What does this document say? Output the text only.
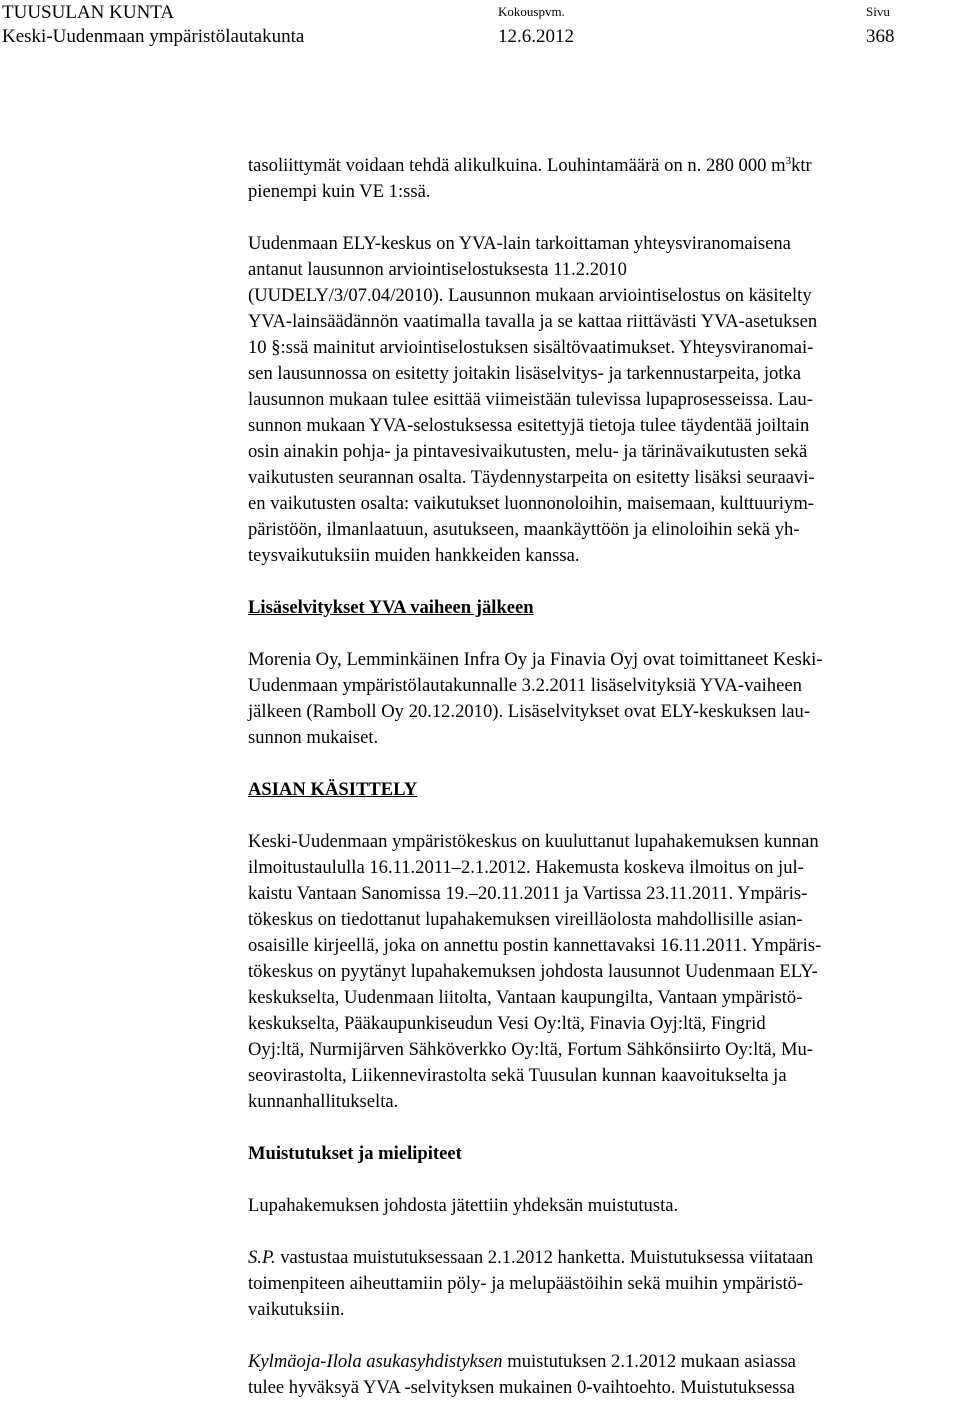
TUUSULAN KUNTA
Keski-Uudenmaan ympäristölautakunta
Kokouspvm.
12.6.2012
Sivu
368

tasoliittymät voidaan tehdä alikulkuina. Louhintamäärä on n. 280 000 $m^3ktr$
pienempi kuin VE 1:ssä.

Uudenmaan ELY-keskus on YVA-lain tarkoittaman yhteysviranomaisena
antanut lausunnon arviointiselostuksesta 11.2.2010
(UUDELY/3/07.04/2010). Lausunnon mukaan arviointiselostus on käsitelty
YVA-lainsäädännön vaatimalla tavalla ja se kattaa riittävästi YVA-asetuksen
10 §:ssä mainitut arviointiselostuksen sisältövaatimukset. Yhteysviranomai-
sen lausunnossa on esitetty joitakin lisäselvitys- ja tarkennustarpeita, jotka
lausunnon mukaan tulee esittää viimeistään tulevissa lupaprosesseissa. Lau-
sunnon mukaan YVA-selostuksessa esitettyjä tietoja tulee täydentää joiltain
osin ainakin pohja- ja pintavesivaikutusten, melu- ja tärinävaikutusten sekä
vaikutusten seurannan osalta. Täydennystarpeita on esitetty lisäksi seuraavi-
en vaikutusten osalta: vaikutukset luonnonoloihin, maisemaan, kulttuuriym-
päristöön, ilmanlaatuun, asutukseen, maankäyttöön ja elinoloihin sekä yh-
teysvaikutuksiin muiden hankkeiden kanssa.

Lisäselvitykset YVA vaiheen jälkeen

Morenia Oy, Lemminkäinen Infra Oy ja Finavia Oyj ovat toimittaneet Keski-
Uudenmaan ympäristölautakunnalle 3.2.2011 lisäselvityksiä YVA-vaiheen
jälkeen (Ramboll Oy 20.12.2010). Lisäselvitykset ovat ELY-keskuksen lau-
sunnon mukaiset.

ASIAN KÄSITTELY

Keski-Uudenmaan ympäristökeskus on kuuluttanut lupahakemuksen kunnan
ilmoitustaululla 16.11.2011–2.1.2012. Hakemusta koskeva ilmoitus on jul-
kaistu Vantaan Sanomissa 19.–20.11.2011 ja Vartissa 23.11.2011. Ympäris-
tökeskus on tiedottanut lupahakemuksen vireilläolosta mahdollisille asian-
osaisille kirjeellä, joka on annettu postin kannettavaksi 16.11.2011. Ympäris-
tökeskus on pyytänyt lupahakemuksen johdosta lausunnot Uudenmaan ELY-
keskukselta, Uudenmaan liitolta, Vantaan kaupungilta, Vantaan ympäristö-
keskukselta, Pääkaupunkiseudun Vesi Oy:ltä, Finavia Oyj:ltä, Fingrid
Oyj:ltä, Nurmijärven Sähköverkko Oy:ltä, Fortum Sähkönsiirto Oy:ltä, Mu-
seovirastolta, Liikennevirastolta sekä Tuusulan kunnan kaavoitukselta ja
kunnanhallitukselta.

Muistutukset ja mielipiteet

Lupahakemuksen johdosta jätettiin yhdeksän muistutusta.

S.P. vastustaa muistutuksessaan 2.1.2012 hanketta. Muistutuksessa viitataan
toimenpiteen aiheuttamiin pöly- ja melupäästöihin sekä muihin ympäristö-
vaikutuksiin.

Kylmäoja-Ilola asukasyhdistyksen muistutuksen 2.1.2012 mukaan asiassa
tulee hyväksyä YVA -selvityksen mukainen 0-vaihtoehto. Muistutuksessa
